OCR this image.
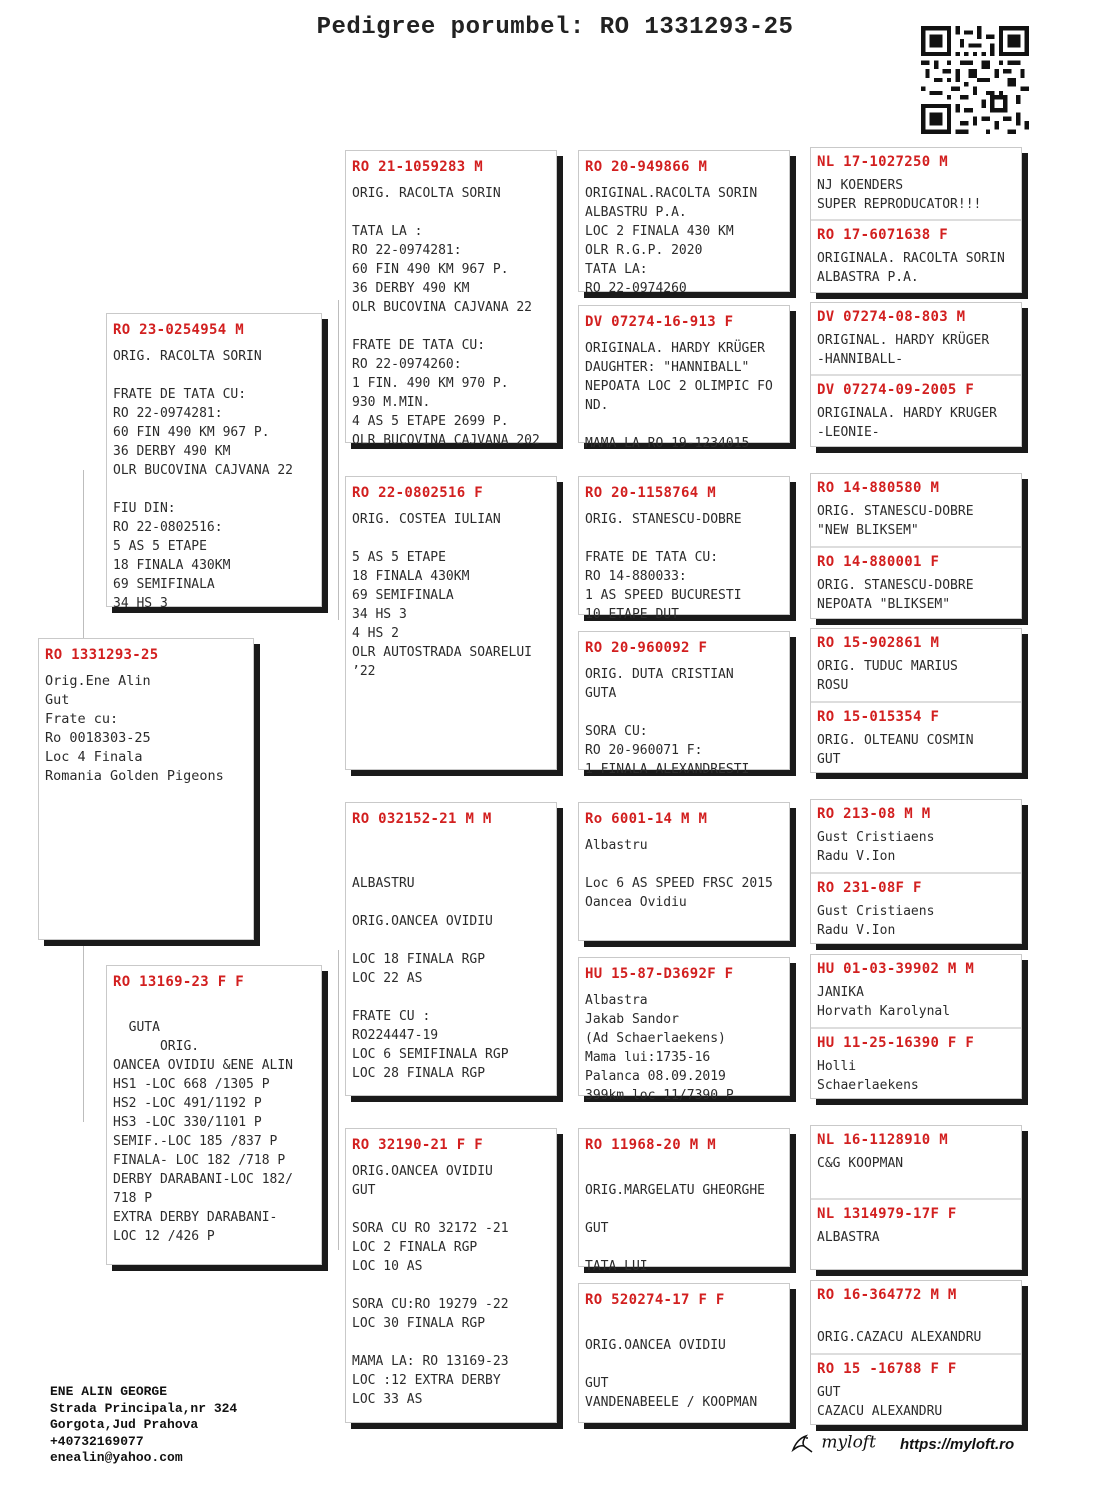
Pedigree porumbel: RO 1331293-25
RO 1331293-25
Orig.Ene Alin
Gut
Frate cu:
Ro 0018303-25
Loc 4 Finala
Romania Golden Pigeons
RO 23-0254954 M
ORIG. RACOLTA SORIN

FRATE DE TATA CU:
RO 22-0974281:
60 FIN 490 KM 967 P.
36 DERBY 490 KM
OLR BUCOVINA CAJVANA 22

FIU DIN:
RO 22-0802516:
5 AS 5 ETAPE
18 FINALA 430KM
69 SEMIFINALA
34 HS 3
RO 13169-23 F F

GUTA
ORIG.
OANCEA OVIDIU &ENE ALIN
HS1 -LOC 668 /1305 P
HS2 -LOC 491/1192 P
HS3 -LOC 330/1101 P
SEMIF.-LOC 185 /837 P
FINALA- LOC 182 /718 P
DERBY DARABANI-LOC 182/
718 P
EXTRA DERBY DARABANI-
LOC 12 /426 P
RO 21-1059283 M
ORIG. RACOLTA SORIN

TATA LA :
RO 22-0974281:
60 FIN 490 KM 967 P.
36 DERBY 490 KM
OLR BUCOVINA CAJVANA 22

FRATE DE TATA CU:
RO 22-0974260:
1 FIN. 490 KM 970 P.
930 M.MIN.
4 AS 5 ETAPE 2699 P.
OLR BUCOVINA CAJVANA 202
RO 22-0802516 F
ORIG. COSTEA IULIAN

5 AS 5 ETAPE
18 FINALA 430KM
69 SEMIFINALA
34 HS 3
4 HS 2
OLR AUTOSTRADA SOARELUI
’22
RO 032152-21 M M

ALBASTRU

ORIG.OANCEA OVIDIU

LOC 18 FINALA RGP
LOC 22 AS

FRATE CU :
RO224447-19
LOC 6 SEMIFINALA RGP
LOC 28 FINALA RGP
RO 32190-21 F F
ORIG.OANCEA OVIDIU
GUT

SORA CU RO 32172 -21
LOC 2 FINALA RGP
LOC 10 AS

SORA CU:RO 19279 -22
LOC 30 FINALA RGP

MAMA LA: RO 13169-23
LOC :12 EXTRA DERBY
LOC 33 AS
RO 20-949866 M
ORIGINAL.RACOLTA SORIN
ALBASTRU P.A.
LOC 2 FINALA 430 KM
OLR R.G.P. 2020
TATA LA:
RO 22-0974260
DV 07274-16-913 F
ORIGINALA. HARDY KRÜGER
DAUGHTER: "HANNIBALL"
NEPOATA LOC 2 OLIMPIC FO
ND.

MAMA LA RO 19-1234015
RO 20-1158764 M
ORIG. STANESCU-DOBRE

FRATE DE TATA CU:
RO 14-880033:
1 AS SPEED BUCURESTI
10 ETAPE DUT
RO 20-960092 F
ORIG. DUTA CRISTIAN
GUTA

SORA CU:
RO 20-960071 F:
1 FINALA ALEXANDRESTI
Ro 6001-14 M M
Albastru

Loc 6 AS SPEED FRSC 2015
Oancea Ovidiu
HU 15-87-D3692F F
Albastra
Jakab Sandor
(Ad Schaerlaekens)
Mama lui:1735-16
Palanca 08.09.2019
399km loc 11/7390 P
RO 11968-20 M M

ORIG.MARGELATU GHEORGHE

GUT

TATA LUI
RO 520274-17 F F

ORIG.OANCEA OVIDIU

GUT
VANDENABEELE / KOOPMAN
NL 17-1027250 M
NJ KOENDERS
SUPER REPRODUCATOR!!!
RO 17-6071638 F
ORIGINALA. RACOLTA SORIN
ALBASTRA P.A.
DV 07274-08-803 M
ORIGINAL. HARDY KRÜGER
-HANNIBALL-
DV 07274-09-2005 F
ORIGINALA. HARDY KRUGER
-LEONIE-
RO 14-880580 M
ORIG. STANESCU-DOBRE
"NEW BLIKSEM"
RO 14-880001 F
ORIG. STANESCU-DOBRE
NEPOATA "BLIKSEM"
RO 15-902861 M
ORIG. TUDUC MARIUS
ROSU
RO 15-015354 F
ORIG. OLTEANU COSMIN
GUT
RO 213-08 M M
Gust Cristiaens
Radu V.Ion
RO 231-08F F
Gust Cristiaens
Radu V.Ion
HU 01-03-39902 M M
JANIKA
Horvath Karolynal
HU 11-25-16390 F F
Holli
Schaerlaekens
NL 16-1128910 M
C&G KOOPMAN
NL 1314979-17F F
ALBASTRA
RO 16-364772 M M

ORIG.CAZACU ALEXANDRU
RO 15 -16788 F F
GUT
CAZACU ALEXANDRU
ENE ALIN GEORGE
Strada Principala,nr 324
Gorgota,Jud Prahova
+40732169077
enealin@yahoo.com
myloft https://myloft.ro
